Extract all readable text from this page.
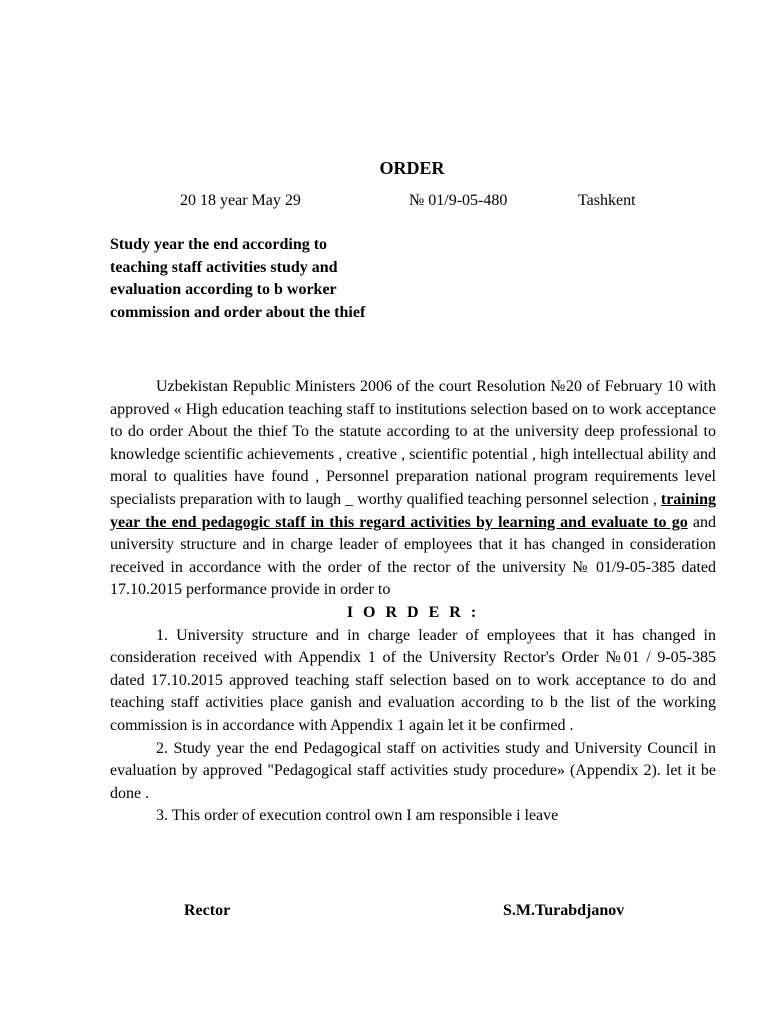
ORDER
20 18 year May 29	№ 01/9-05-480	Tashkent
Study year the end according to teaching staff activities study and evaluation according to b worker commission and order about the thief

Uzbekistan Republic Ministers 2006 of the court Resolution №20 of February 10 with approved « High education teaching staff to institutions selection based on to work acceptance to do order About the thief To the statute according to at the university deep professional to knowledge scientific achievements , creative , scientific potential , high intellectual ability and moral to qualities have found , Personnel preparation national program requirements level specialists preparation with to laugh _ worthy qualified teaching personnel selection , training year the end pedagogic staff in this regard activities by learning and evaluate to go and university structure and in charge leader of employees that it has changed in consideration received in accordance with the order of the rector of the university № 01/9-05-385 dated 17.10.2015 performance provide in order to

I O R D E R :

1. University structure and in charge leader of employees that it has changed in consideration received with Appendix 1 of the University Rector's Order №01 / 9-05-385 dated 17.10.2015 approved teaching staff selection based on to work acceptance to do and teaching staff activities place ganish and evaluation according to b the list of the working commission is in accordance with Appendix 1 again let it be confirmed .

2. Study year the end Pedagogical staff on activities study and University Council in evaluation by approved "Pedagogical staff activities study procedure» (Appendix 2). let it be done .

3. This order of execution control own I am responsible i leave

Rector	S.M.Turabdjanov
